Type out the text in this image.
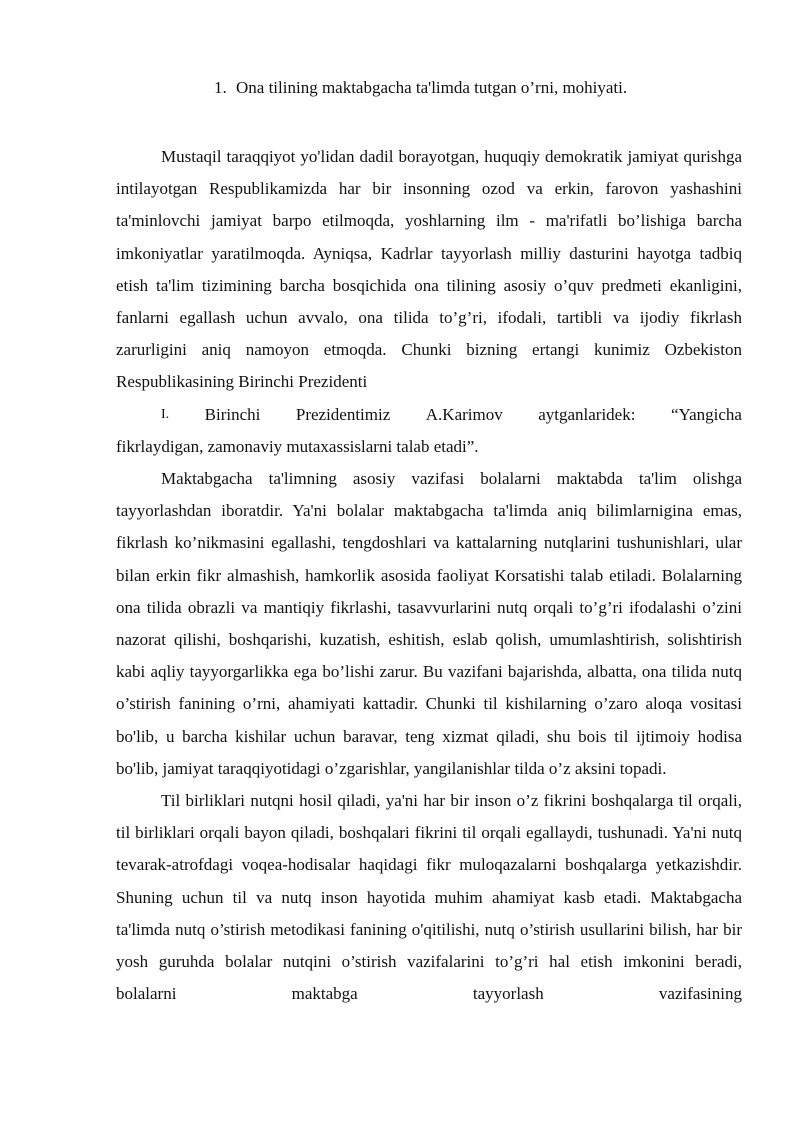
1. Ona tilining maktabgacha ta'limda tutgan o’rni, mohiyati.

Mustaqil taraqqiyot yo'lidan dadil borayotgan, huquqiy demokratik jamiyat qurishga intilayotgan Respublikamizda har bir insonning ozod va erkin, farovon yashashini ta'minlovchi jamiyat barpo etilmoqda, yoshlarning ilm - ma'rifatli bo’lishiga barcha imkoniyatlar yaratilmoqda. Ayniqsa, Kadrlar tayyorlash milliy dasturini hayotga tadbiq etish ta'lim tizimining barcha bosqichida ona tilining asosiy o’quv predmeti ekanligini, fanlarni egallash uchun avvalo, ona tilida to’g’ri, ifodali, tartibli va ijodiy fikrlash zarurligini aniq namoyon etmoqda. Chunki bizning ertangi kunimiz Ozbekiston Respublikasining Birinchi Prezidenti

I. Birinchi Prezidentimiz A.Karimov aytganlaridek: “Yangicha

fikrlaydigan, zamonaviy mutaxassislarni talab etadi”.

Maktabgacha ta'limning asosiy vazifasi bolalarni maktabda ta'lim olishga tayyorlashdan iboratdir. Ya'ni bolalar maktabgacha ta'limda aniq bilimlarnigina emas, fikrlash ko’nikmasini egallashi, tengdoshlari va kattalarning nutqlarini tushunishlari, ular bilan erkin fikr almashish, hamkorlik asosida faoliyat Korsatishi talab etiladi. Bolalarning ona tilida obrazli va mantiqiy fikrlashi, tasavvurlarini nutq orqali to’g’ri ifodalashi o’zini nazorat qilishi, boshqarishi, kuzatish, eshitish, eslab qolish, umumlashtirish, solishtirish kabi aqliy tayyorgarlikka ega bo’lishi zarur. Bu vazifani bajarishda, albatta, ona tilida nutq o’stirish fanining o’rni, ahamiyati kattadir. Chunki til kishilarning o’zaro aloqa vositasi bo'lib, u barcha kishilar uchun baravar, teng xizmat qiladi, shu bois til ijtimoiy hodisa bo'lib, jamiyat taraqqiyotidagi o’zgarishlar, yangilanishlar tilda o’z aksini topadi.

Til birliklari nutqni hosil qiladi, ya'ni har bir inson o’z fikrini boshqalarga til orqali, til birliklari orqali bayon qiladi, boshqalari fikrini til orqali egallaydi, tushunadi. Ya'ni nutq tevarak-atrofdagi voqea-hodisalar haqidagi fikr muloqazalarni boshqalarga yetkazishdir. Shuning uchun til va nutq inson hayotida muhim ahamiyat kasb etadi. Maktabgacha ta'limda nutq o’stirish metodikasi fanining o'qitilishi, nutq o’stirish usullarini bilish, har bir yosh guruhda bolalar nutqini o’stirish vazifalarini to’g’ri hal etish imkonini beradi, bolalarni maktabga tayyorlash vazifasining
